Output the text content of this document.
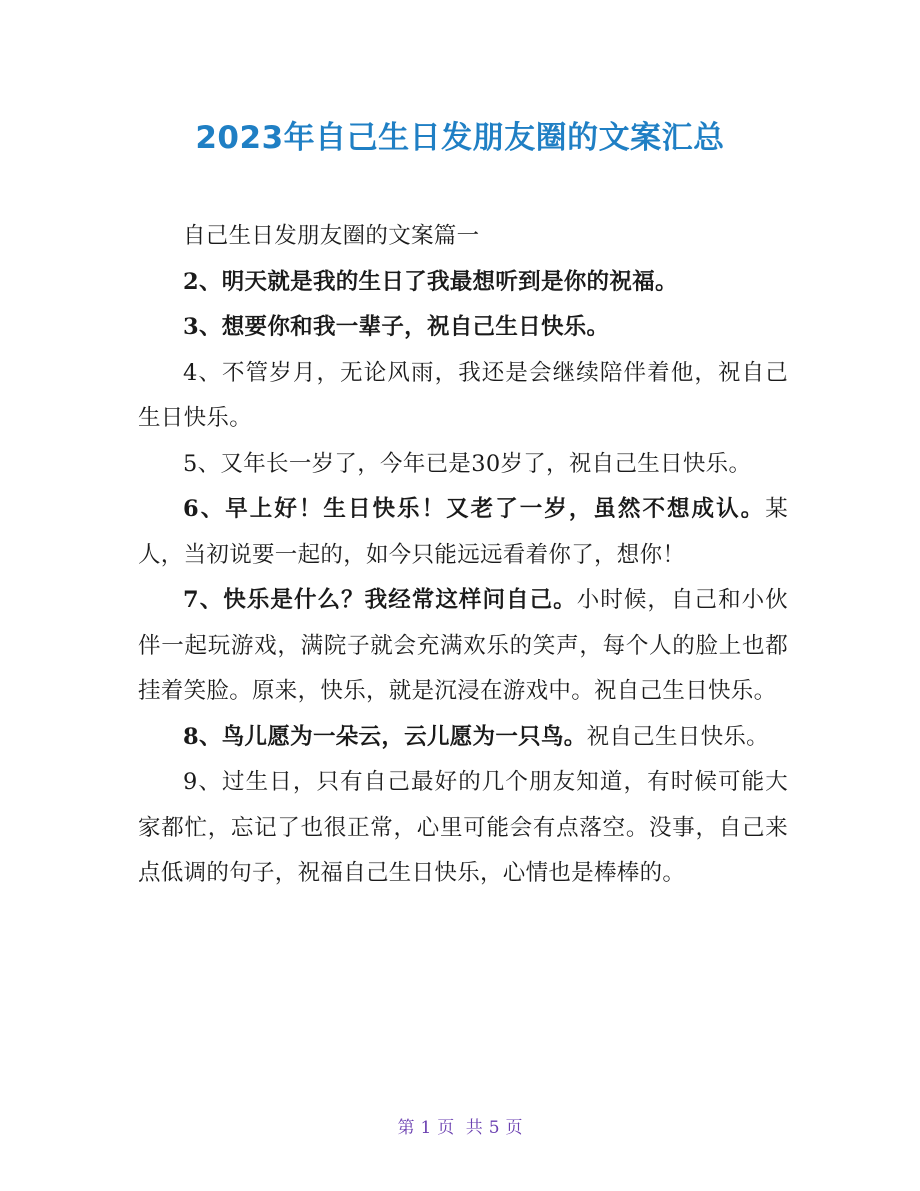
2023年自己生日发朋友圈的文案汇总

自己生日发朋友圈的文案篇一

2、明天就是我的生日了我最想听到是你的祝福。

3、想要你和我一辈子，祝自己生日快乐。

4、不管岁月，无论风雨，我还是会继续陪伴着他，祝自己生日快乐。

5、又年长一岁了，今年已是30岁了，祝自己生日快乐。

6、早上好！生日快乐！又老了一岁，虽然不想成认。某人，当初说要一起的，如今只能远远看着你了，想你！

7、快乐是什么？我经常这样问自己。小时候，自己和小伙伴一起玩游戏，满院子就会充满欢乐的笑声，每个人的脸上也都挂着笑脸。原来，快乐，就是沉浸在游戏中。祝自己生日快乐。

8、鸟儿愿为一朵云，云儿愿为一只鸟。祝自己生日快乐。

9、过生日，只有自己最好的几个朋友知道，有时候可能大家都忙，忘记了也很正常，心里可能会有点落空。没事，自己来点低调的句子，祝福自己生日快乐，心情也是棒棒的。

第 1 页 共 5 页
